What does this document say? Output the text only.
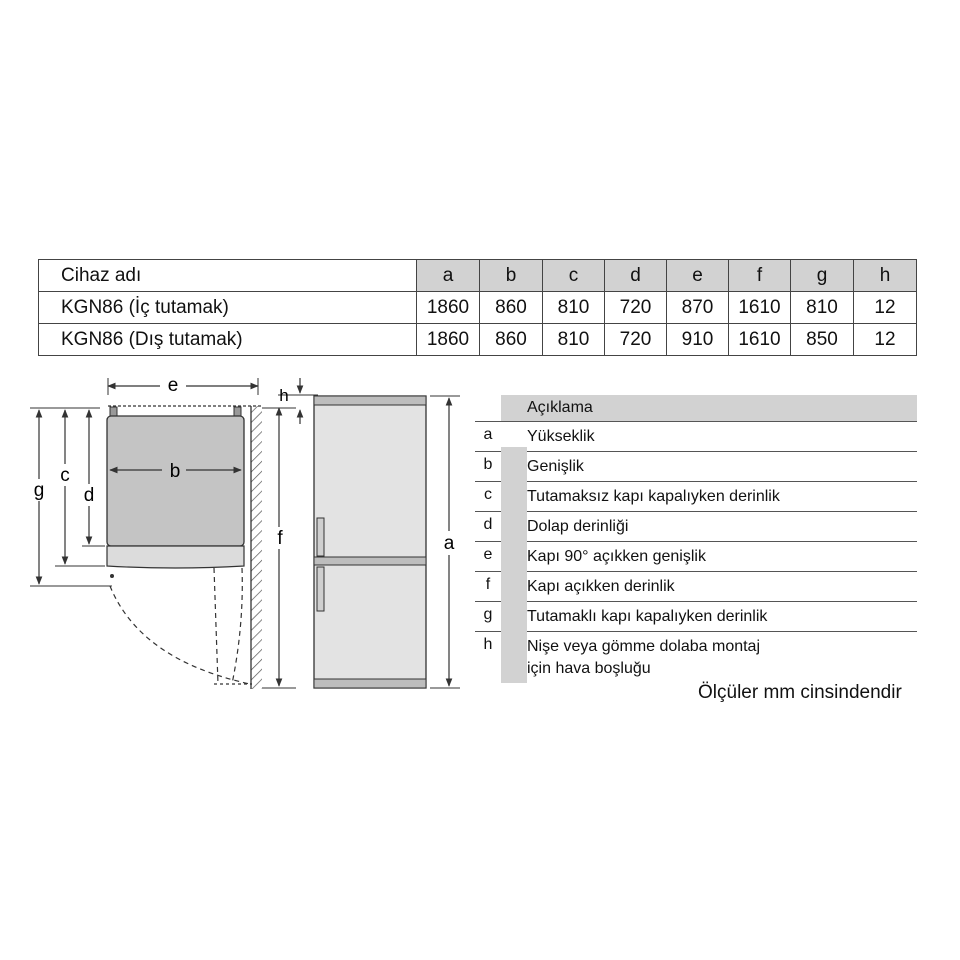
Cihaz adı	a	b	c	d	e	f	g	h
KGN86 (İç tutamak)	1860	860	810	720	870	1610	810	12
KGN86 (Dış tutamak)	1860	860	810	720	910	1610	850	12
e
b
g
c
d
f
h
a
Açıklama
a	Yükseklik
b	Genişlik
c	Tutamaksız kapı kapalıyken derinlik
d	Dolap derinliği
e	Kapı 90° açıkken genişlik
f	Kapı açıkken derinlik
g	Tutamaklı kapı kapalıyken derinlik
h	Nişe veya gömme dolaba montaj
için hava boşluğu
Ölçüler mm cinsindendir
